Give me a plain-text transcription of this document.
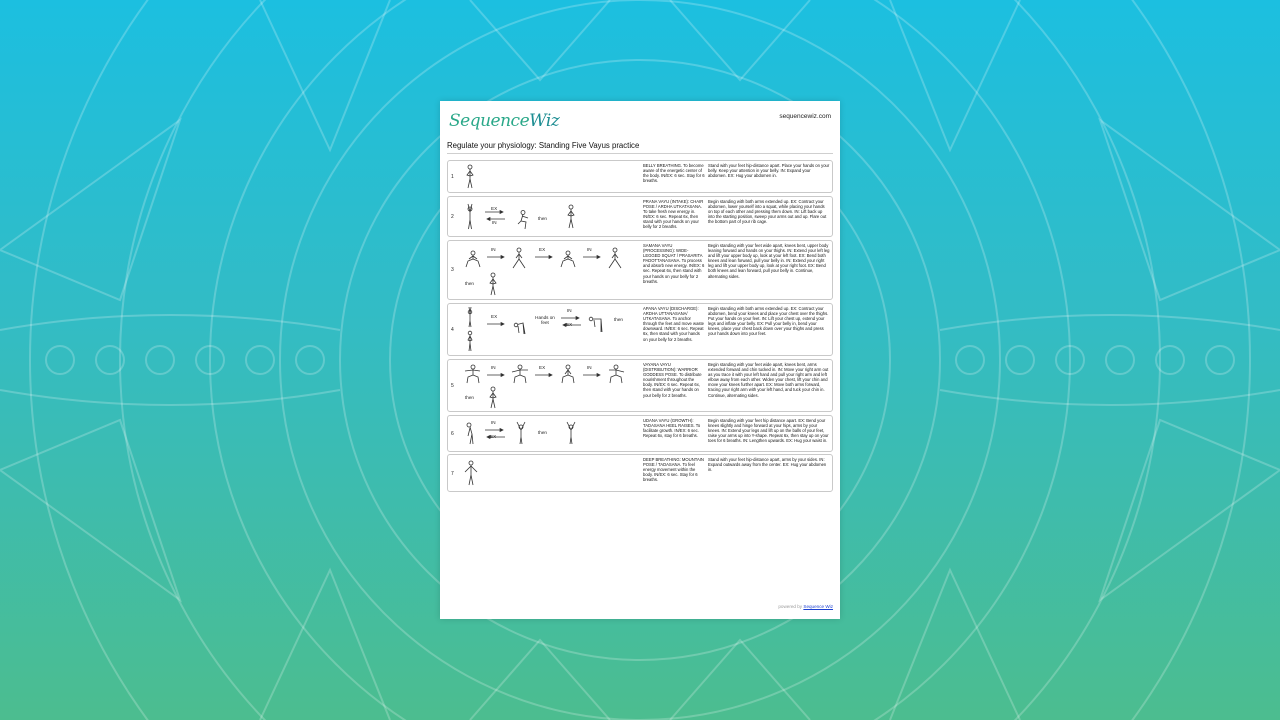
SequenceWiz	sequencewiz.com
Regulate your physiology: Standing Five Vayus practice
1
BELLY BREATHING. To become aware of the energetic center of the body. IN/EX: 6 sec. Stay for 6 breaths.
Stand with your feet hip-distance apart. Place your hands on your belly. Keep your attention in your belly. IN: Expand your abdomen. EX: Hug your abdomen in.
2
EX
IN
then
PRANA VAYU (INTAKE): CHAIR POSE / ARDHA UTKATASANA. To take fresh new energy in. IN/EX: 6 sec. Repeat 6x, then stand with your hands on your belly for 2 breaths.
Begin standing with both arms extended up. EX: Contract your abdomen, lower yourself into a squat, while placing your hands on top of each other and pressing them down. IN: Lift back up into the starting position, sweep your arms out and up. Flare out the bottom part of your rib cage.
3
IN	EX	IN
then
SAMANA VAYU (PROCESSING): WIDE-LEGGED SQUAT / PRASARITA PADOTTANASANA. To process and absorb new energy. IN/EX: 6 sec. Repeat 6x, then stand with your hands on your belly for 2 breaths.
Begin standing with your feet wide apart, knees bent, upper body leaning forward and hands on your thighs. IN: Extend your left leg and lift your upper body up, look at your left foot. EX: Bend both knees and lean forward, pull your belly in. IN: Extend your right leg and lift your upper body up, look at your right foot. EX: Bend both knees and lean forward, pull your belly in. Continue, alternating sides.
4
EX	Hands on feet
IN
EX
then
APANA VAYU (DISCHARGE): ARDHA UTTANASANA/ UTKATASANA. To anchor through the feet and move waste downward. IN/EX: 6 sec. Repeat 6x, then stand with your hands on your belly for 2 breaths.
Begin standing with both arms extended up. EX: Contract your abdomen, bend your knees and place your chest over the thighs. Put your hands on your feet. IN: Lift your chest up, extend your legs and inflate your belly. EX: Pull your belly in, bend your knees, place your chest back down over your thighs and press your hands down into your feet.
5
IN	EX	IN
then
VAYANA VAYU (DISTRIBUTION): WARRIOR GODDESS POSE. To distribute nourishment throughout the body. IN/EX: 6 sec. Repeat 6x, then stand with your hands on your belly for 2 breaths.
Begin standing with your feet wide apart, knees bent, arms extended forward and chin tucked in. IN: Move your right arm out as you trace it with your left hand and pull your right arm and left elbow away from each other. Widen your chest, lift your chin and move your knees further apart. EX: Move both arms forward, tracing your right arm with your left hand, and tuck your chin in. Continue, alternating sides.
6
IN
EX
then
UDANA VAYU (GROWTH): TADASANA HEEL RAISES. To facilitate growth. IN/EX: 6 sec. Repeat 6x, stay for 6 breaths.
Begin standing with your feet hip distance apart. EX: Bend your knees slightly and hinge forward at your hips, arms by your knees. IN: Extend your legs and lift up on the balls of your feet, raise your arms up into Y-shape. Repeat 6x, then stay up on your toes for 6 breaths. IN: Lengthen upwards. EX: Hug your waist in.
7
DEEP BREATHING: MOUNTAIN POSE / TADASANA. To feel energy movement within the body. IN/EX: 6 sec. Stay for 6 breaths.
Stand with your feet hip-distance apart, arms by your sides. IN: Expand outwards away from the center. EX: Hug your abdomen in.
powered by Sequence Wiz
